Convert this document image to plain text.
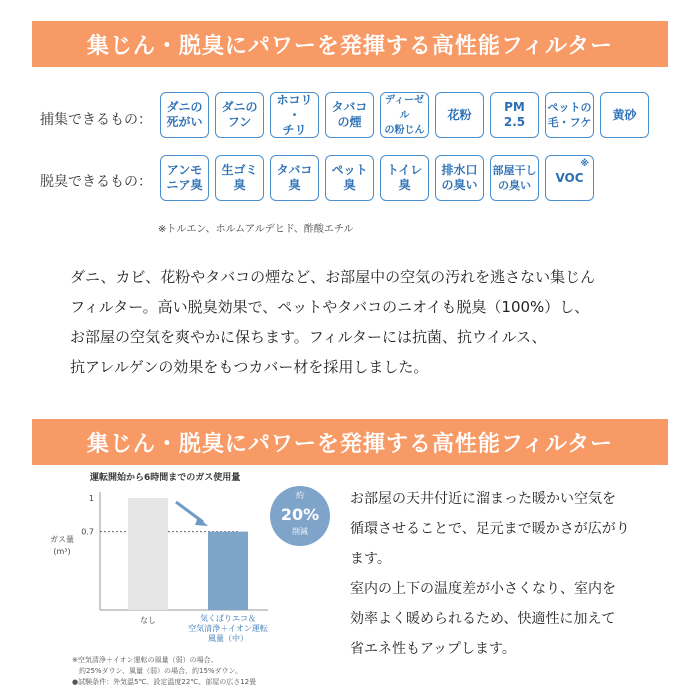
集じん・脱臭にパワーを発揮する高性能フィルター
捕集できるもの：
ダニの
死がい
ダニの
フン
ホコリ
・
チリ
タバコ
の煙
ディーゼル
の粉じん
花粉
PM
2.5
ペットの
毛・フケ
黄砂
脱臭できるもの：
アンモ
ニア臭
生ゴミ
臭
タバコ
臭
ペット
臭
トイレ
臭
排水口
の臭い
部屋干し
の臭い
VOC
※
※トルエン、ホルムアルデヒド、酢酸エチル
ダニ、カビ、花粉やタバコの煙など、お部屋中の空気の汚れを逃さない集じん
フィルター。高い脱臭効果で、ペットやタバコのニオイも脱臭（100%）し、
お部屋の空気を爽やかに保ちます。フィルターには抗菌、抗ウイルス、
抗アレルゲンの効果をもつカバー材を採用しました。
集じん・脱臭にパワーを発揮する高性能フィルター
運転開始から6時間までのガス使用量
1
0.7
ガス量
(m³)
約
20%
削減
なし	気くばりエコ＆
空気清浄＋イオン運転
風量（中）
※空気清浄＋イオン運転の風量（弱）の場合、
　約25%ダウン、風量（弱）の場合、約15%ダウン。
●試験条件：外気温5℃、設定温度22℃、部屋の広さ12畳
お部屋の天井付近に溜まった暖かい空気を
循環させることで、足元まで暖かさが広がり
ます。
室内の上下の温度差が小さくなり、室内を
効率よく暖められるため、快適性に加えて
省エネ性もアップします。
